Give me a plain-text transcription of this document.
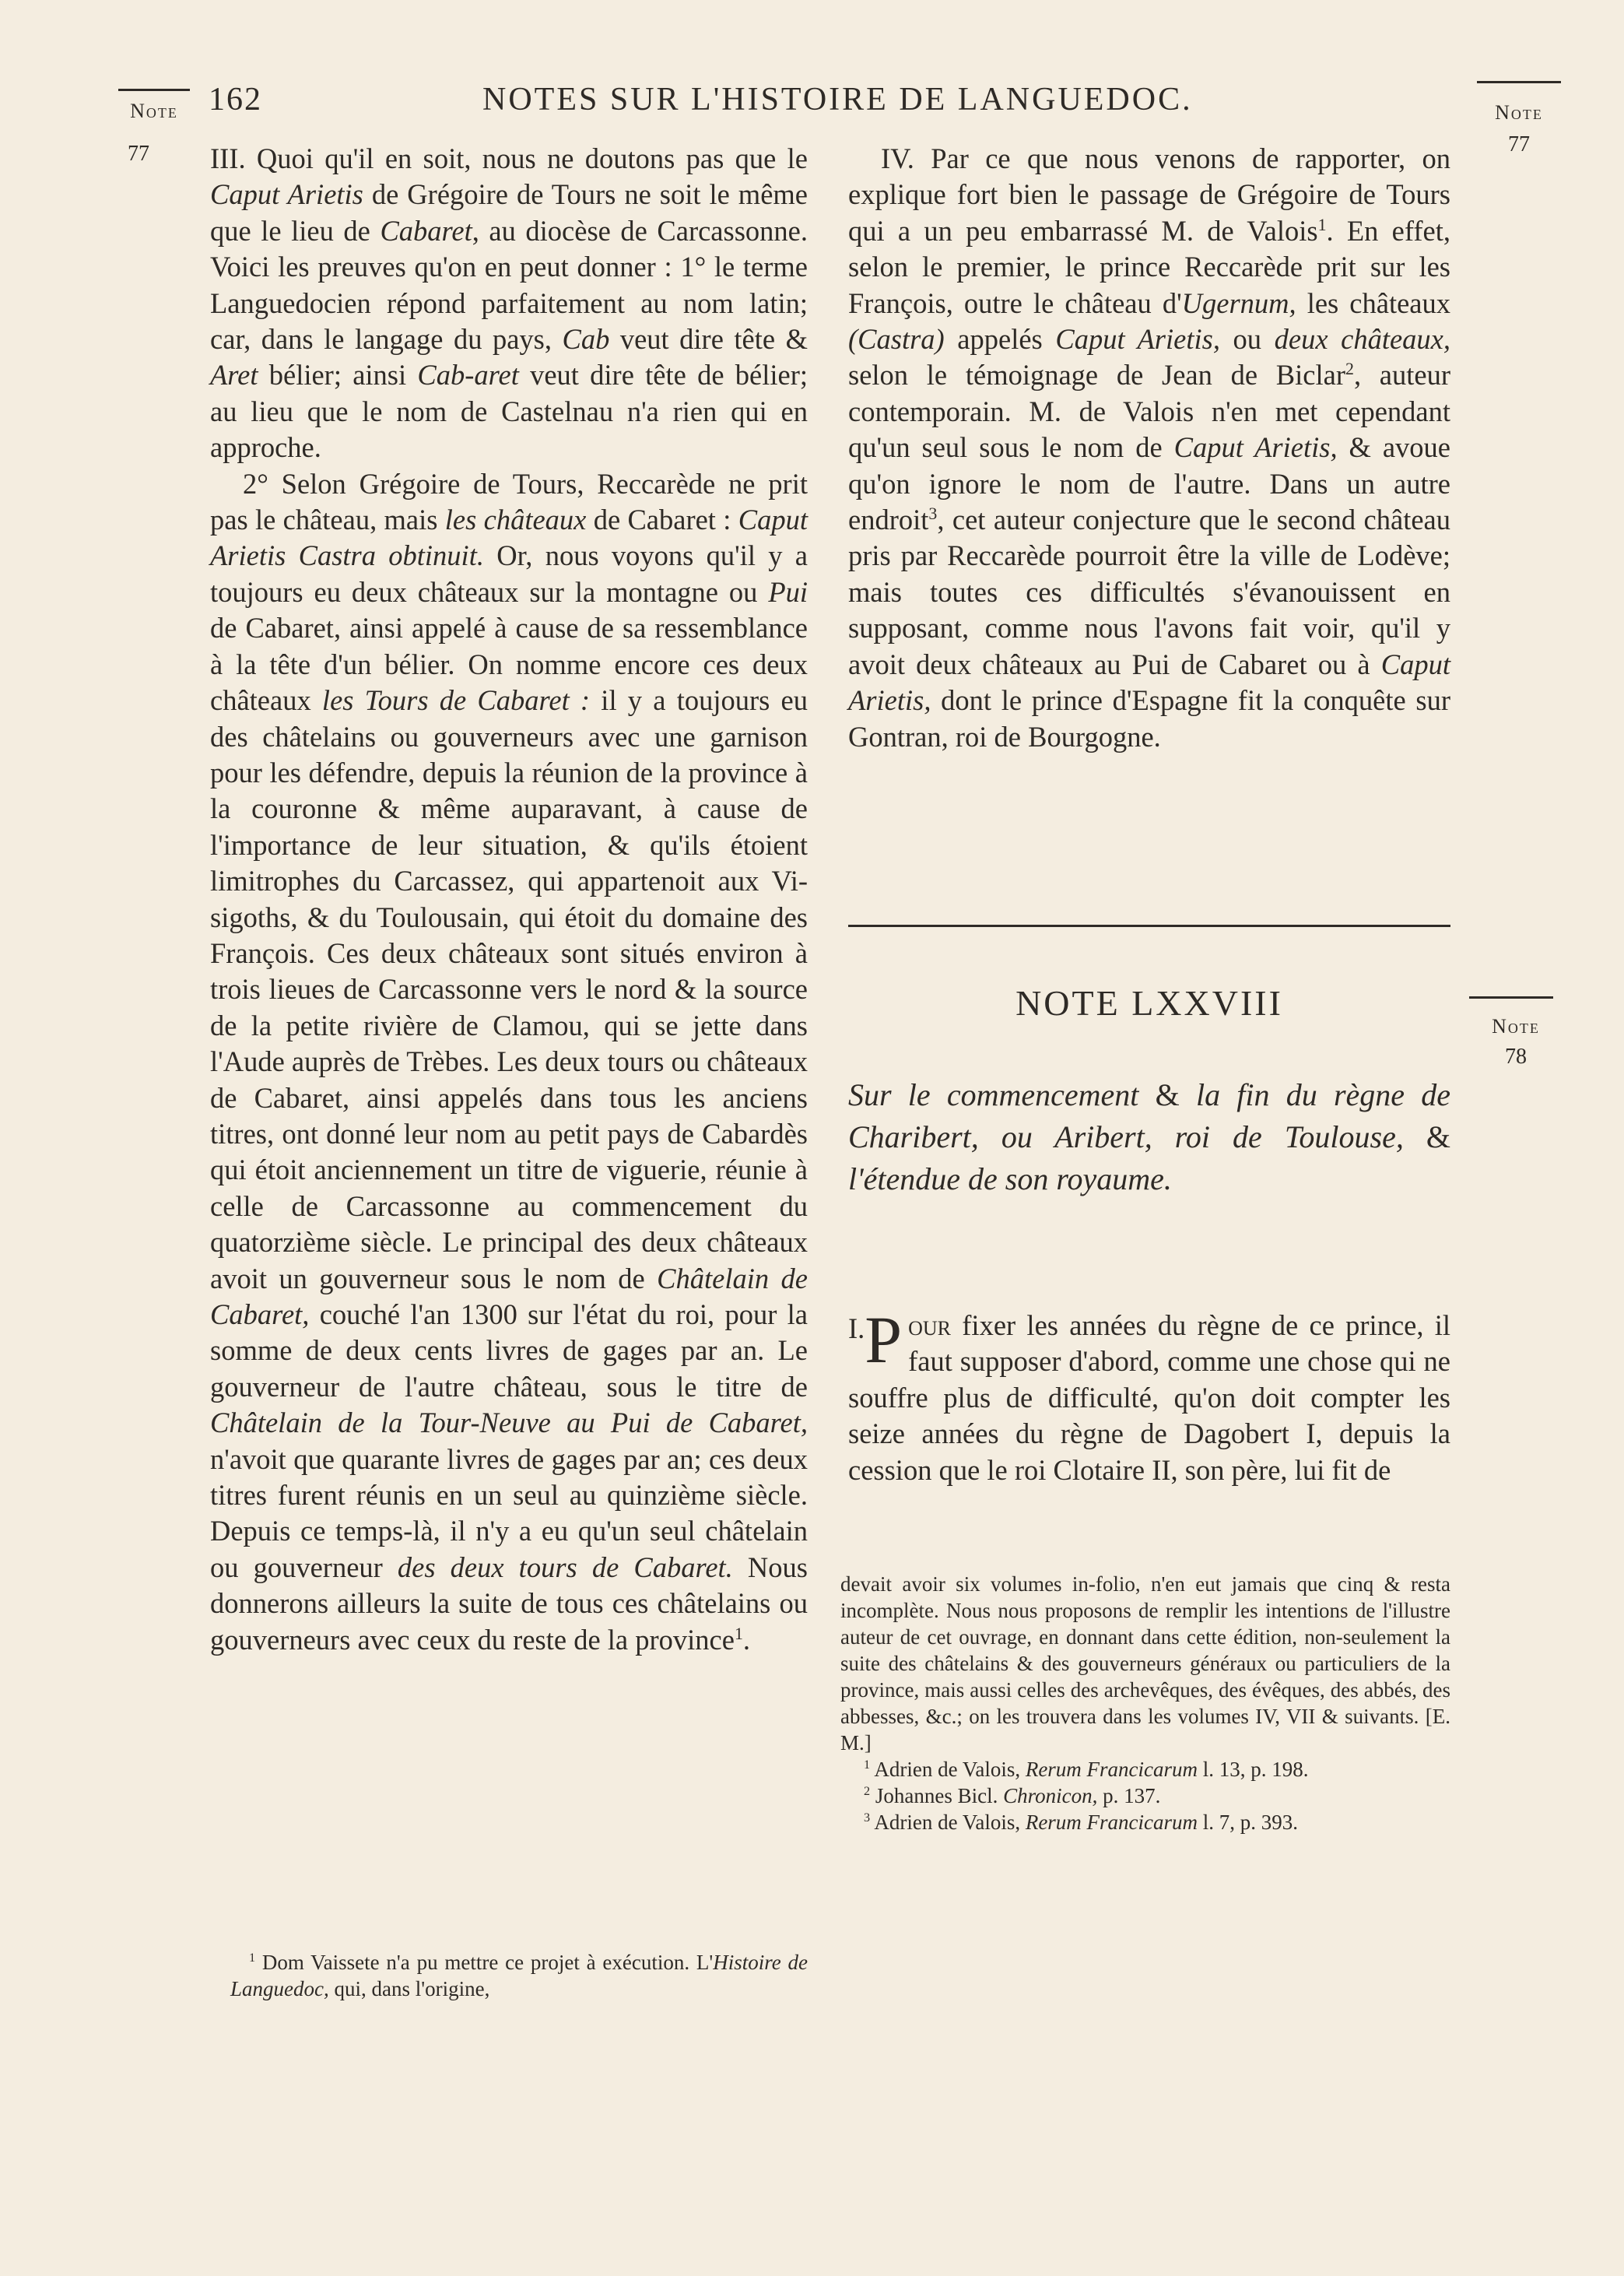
162	NOTES SUR L'HISTOIRE DE LANGUEDOC.
Note
77
Note
77
Note
78

III. Quoi qu'il en soit, nous ne doutons pas que le Caput Arietis de Grégoire de Tours ne soit le même que le lieu de Cabaret, au diocèse de Carcassonne. Voici les preuves qu'on en peut donner : 1° le terme Languedocien répond parfaitement au nom latin; car, dans le langage du pays, Cab veut dire tête & Aret bélier; ainsi Cab-aret veut dire tête de bélier; au lieu que le nom de Castelnau n'a rien qui en approche.

2° Selon Grégoire de Tours, Reccarède ne prit pas le château, mais les châteaux de Cabaret : Caput Arietis Castra obtinuit. Or, nous voyons qu'il y a toujours eu deux châteaux sur la montagne ou Pui de Cabaret, ainsi appelé à cause de sa ressemblance à la tête d'un bélier. On nomme encore ces deux châteaux les Tours de Cabaret : il y a toujours eu des châtelains ou gouverneurs avec une garnison pour les défendre, depuis la réunion de la province à la couronne & même auparavant, à cause de l'importance de leur situation, & qu'ils étoient limitrophes du Carcassez, qui appartenoit aux Visigoths, & du Toulousain, qui étoit du domaine des François. Ces deux châteaux sont situés environ à trois lieues de Carcassonne vers le nord & la source de la petite rivière de Clamou, qui se jette dans l'Aude auprès de Trèbes. Les deux tours ou châteaux de Cabaret, ainsi appelés dans tous les anciens titres, ont donné leur nom au petit pays de Cabardès qui étoit anciennement un titre de viguerie, réunie à celle de Carcassonne au commencement du quatorzième siècle. Le principal des deux châteaux avoit un gouverneur sous le nom de Châtelain de Cabaret, couché l'an 1300 sur l'état du roi, pour la somme de deux cents livres de gages par an. Le gouverneur de l'autre château, sous le titre de Châtelain de la Tour-Neuve au Pui de Cabaret, n'avoit que quarante livres de gages par an; ces deux titres furent réunis en un seul au quinzième siècle. Depuis ce temps-là, il n'y a eu qu'un seul châtelain ou gouverneur des deux tours de Cabaret. Nous donnerons ailleurs la suite de tous ces châtelains ou gouverneurs avec ceux du reste de la province$^1$.

$^1$ Dom Vaissete n'a pu mettre ce projet à exécution. L'Histoire de Languedoc, qui, dans l'origine,

IV. Par ce que nous venons de rapporter, on explique fort bien le passage de Grégoire de Tours qui a un peu embarrassé M. de Valois$^1$. En effet, selon le premier, le prince Reccarède prit sur les François, outre le château d'Ugernum, les châteaux (Castra) appelés Caput Arietis, ou deux châteaux, selon le témoignage de Jean de Biclar$^2$, auteur contemporain. M. de Valois n'en met cependant qu'un seul sous le nom de Caput Arietis, & avoue qu'on ignore le nom de l'autre. Dans un autre endroit$^3$, cet auteur conjecture que le second château pris par Reccarède pourroit être la ville de Lodève; mais toutes ces difficultés s'évanouissent en supposant, comme nous l'avons fait voir, qu'il y avoit deux châteaux au Pui de Cabaret ou à Caput Arietis, dont le prince d'Espagne fit la conquête sur Gontran, roi de Bourgogne.

NOTE LXXVIII

Sur le commencement & la fin du règne de Charibert, ou Aribert, roi de Toulouse, & l'étendue de son royaume.

I. P our fixer les années du règne de ce prince, il faut supposer d'abord, comme une chose qui ne souffre plus de difficulté, qu'on doit compter les seize années du règne de Dagobert I, depuis la cession que le roi Clotaire II, son père, lui fit de

devait avoir six volumes in-folio, n'en eut jamais que cinq & resta incomplète. Nous nous proposons de remplir les intentions de l'illustre auteur de cet ouvrage, en donnant dans cette édition, non-seulement la suite des châtelains & des gouverneurs généraux ou particuliers de la province, mais aussi celles des archevêques, des évêques, des abbés, des abbesses, &c.; on les trouvera dans les volumes IV, VII & suivants. [E. M.]

$^1$ Adrien de Valois, Rerum Francicarum l. 13, p. 198.

$^2$ Johannes Bicl. Chronicon, p. 137.

$^3$ Adrien de Valois, Rerum Francicarum l. 7, p. 393.
